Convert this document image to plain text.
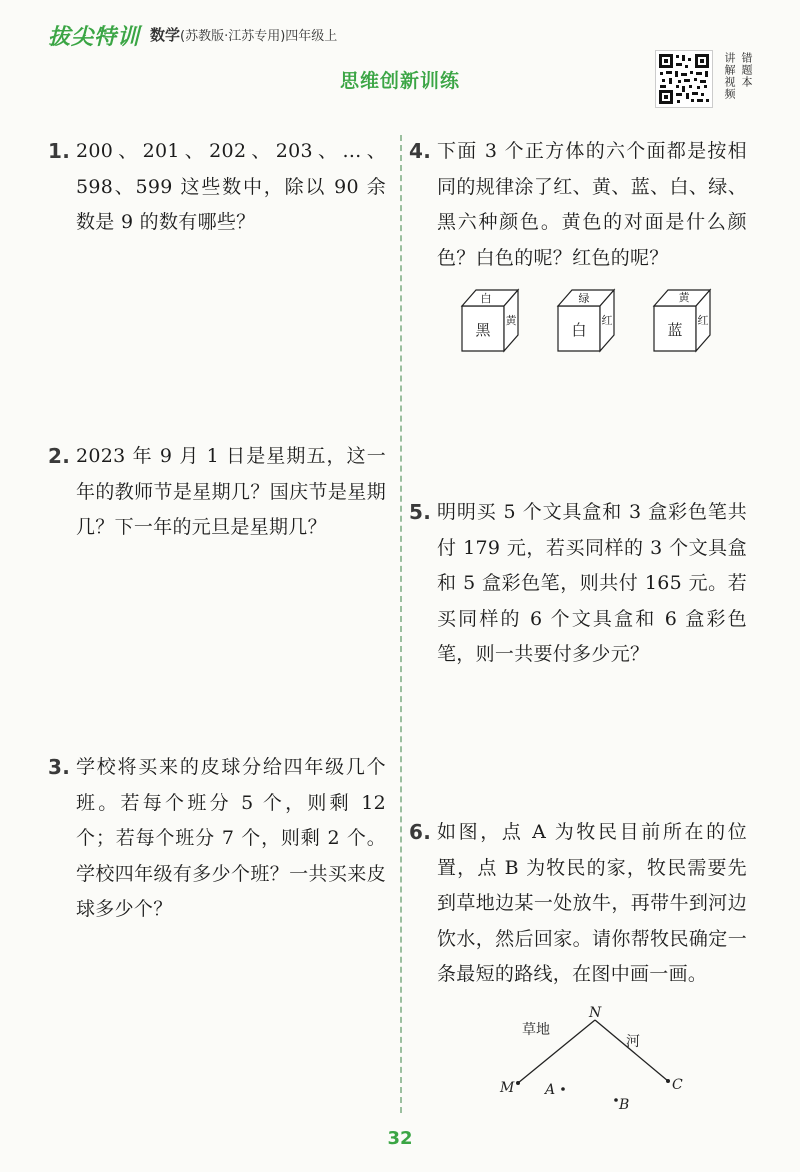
拔尖特训 数学(苏教版·江苏专用)四年级上
思维创新训练	错题本
讲解视频
1. 200、201、202、203、…、598、599 这些数中，除以 90 余数是 9 的数有哪些？
2. 2023 年 9 月 1 日是星期五，这一年的教师节是星期几？国庆节是星期几？下一年的元旦是星期几？
3. 学校将买来的皮球分给四年级几个班。若每个班分 5 个，则剩 12 个；若每个班分 7 个，则剩 2 个。学校四年级有多少个班？一共买来皮球多少个？
4. 下面 3 个正方体的六个面都是按相同的规律涂了红、黄、蓝、白、绿、黑六种颜色。黄色的对面是什么颜色？白色的呢？红色的呢？
5. 明明买 5 个文具盒和 3 盒彩色笔共付 179 元，若买同样的 3 个文具盒和 5 盒彩色笔，则共付 165 元。若买同样的 6 个文具盒和 6 盒彩色笔，则一共要付多少元？
6. 如图，点 A 为牧民目前所在的位置，点 B 为牧民的家，牧民需要先到草地边某一处放牛，再带牛到河边饮水，然后回家。请你帮牧民确定一条最短的路线，在图中画一画。
白
黑
黄
绿
白
红
黄
蓝
红
草地
河
N
M	C
A
B
32
